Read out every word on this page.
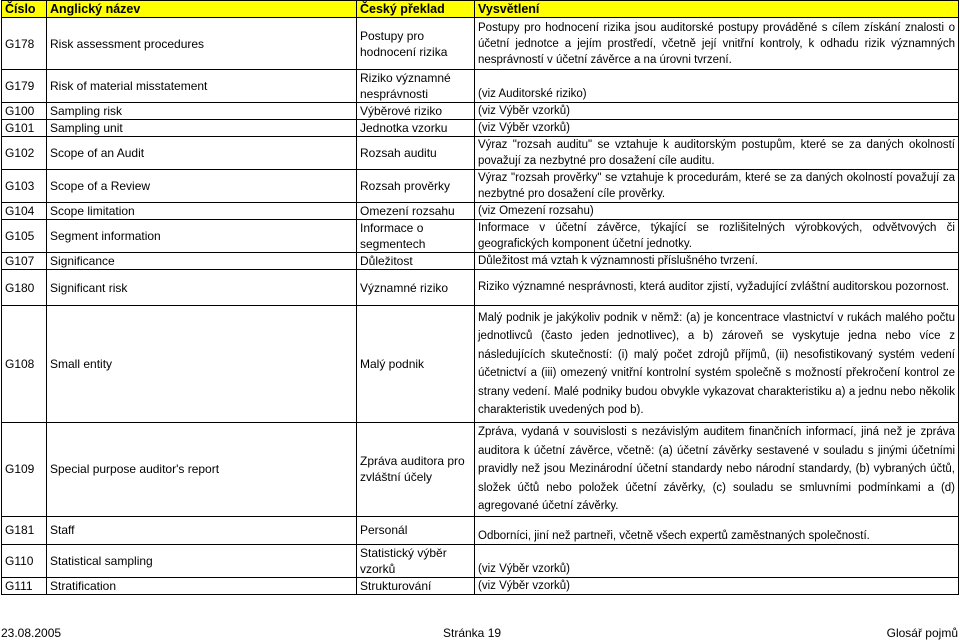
Číslo	Anglický název	Český překlad	Vysvětlení
G178	Risk assessment procedures	Postupy pro hodnocení rizika	Postupy pro hodnocení rizika jsou auditorské postupy prováděné s cílem získání znalosti o účetní jednotce a jejím prostředí, včetně její vnitřní kontroly, k odhadu rizik významných nesprávností v účetní závěrce a na úrovni tvrzení.
G179	Risk of material misstatement	Riziko významné nesprávnosti	(viz Auditorské riziko)
G100	Sampling risk	Výběrové riziko	(viz Výběr vzorků)
G101	Sampling unit	Jednotka vzorku	(viz Výběr vzorků)
G102	Scope of an Audit	Rozsah auditu	Výraz "rozsah auditu" se vztahuje k auditorským postupům, které se za daných okolností považují za nezbytné pro dosažení cíle auditu.
G103	Scope of a Review	Rozsah prověrky	Výraz "rozsah prověrky" se vztahuje k procedurám, které se za daných okolností považují za nezbytné pro dosažení cíle prověrky.
G104	Scope limitation	Omezení rozsahu	(viz Omezení rozsahu)
G105	Segment information	Informace o segmentech	Informace v účetní závěrce, týkající se rozlišitelných výrobkových, odvětvových či geografických komponent účetní jednotky.
G107	Significance	Důležitost	Důležitost má vztah k významnosti příslušného tvrzení.
G180	Significant risk	Významné riziko	Riziko významné nesprávnosti, která auditor zjistí, vyžadující zvláštní auditorskou pozornost.
G108	Small entity	Malý podnik	Malý podnik je jakýkoliv podnik v němž: (a) je koncentrace vlastnictví v rukách malého počtu jednotlivců (často jeden jednotlivec), a b) zároveň se vyskytuje jedna nebo více z následujících skutečností: (i) malý počet zdrojů příjmů, (ii) nesofistikovaný systém vedení účetnictví a (iii) omezený vnitřní kontrolní systém společně s možností překročení kontrol ze strany vedení. Malé podniky budou obvykle vykazovat charakteristiku a) a jednu nebo několik charakteristik uvedených pod b).
G109	Special purpose auditor's report	Zpráva auditora pro zvláštní účely	Zpráva, vydaná v souvislosti s nezávislým auditem finančních informací, jiná než je zpráva auditora k účetní závěrce, včetně: (a) účetní závěrky sestavené v souladu s jinými účetními pravidly než jsou Mezinárodní účetní standardy nebo národní standardy, (b) vybraných účtů, složek účtů nebo položek účetní závěrky, (c) souladu se smluvními podmínkami a (d) agregované účetní závěrky.
G181	Staff	Personál	Odborníci, jiní než partneři, včetně všech expertů zaměstnaných společností.
G110	Statistical sampling	Statistický výběr vzorků	(viz Výběr vzorků)
G111	Stratification	Strukturování	(viz Výběr vzorků)
23.08.2005	Stránka 19	Glosář pojmů
